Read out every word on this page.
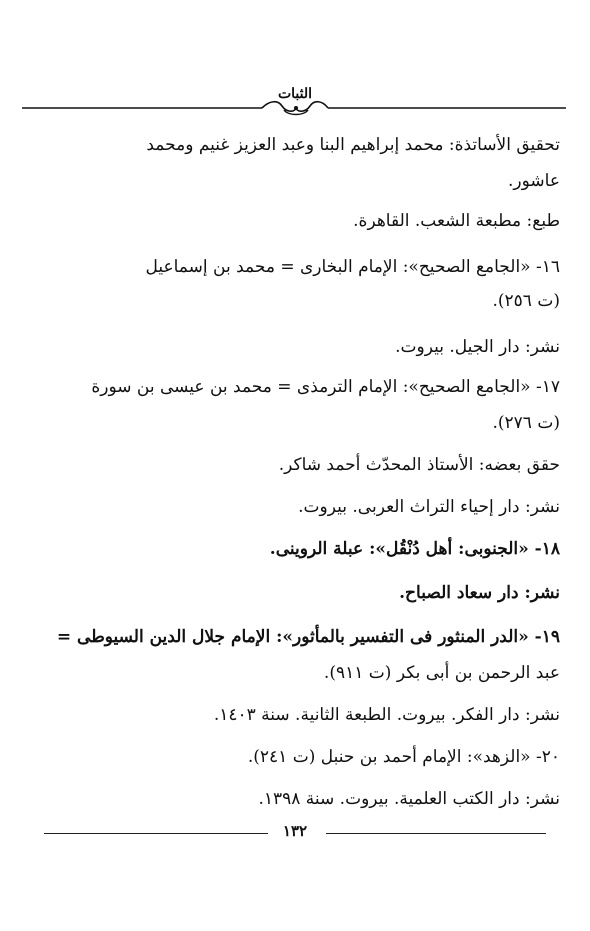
الثبات
تحقيق الأساتذة: محمد إبراهيم البنا وعبد العزيز غنيم ومحمد
عاشور.
طبع: مطبعة الشعب. القاهرة.
١٦- «الجامع الصحيح»: الإمام البخارى = محمد بن إسماعيل
(ت ٢٥٦).
نشر: دار الجيل. بيروت.
١٧- «الجامع الصحيح»: الإمام الترمذى = محمد بن عيسى بن سورة
(ت ٢٧٦).
حقق بعضه: الأستاذ المحدّث أحمد شاكر.
نشر: دار إحياء التراث العربى. بيروت.
١٨- «الجنوبى: أهل دُنْقُل»: عبلة الروينى.
نشر: دار سعاد الصباح.
١٩- «الدر المنثور فى التفسير بالمأثور»: الإمام جلال الدين السيوطى =
عبد الرحمن بن أبى بكر (ت ٩١١).
نشر: دار الفكر. بيروت. الطبعة الثانية. سنة ١٤٠٣.
٢٠- «الزهد»: الإمام أحمد بن حنبل (ت ٢٤١).
نشر: دار الكتب العلمية. بيروت. سنة ١٣٩٨.
١٣٢
